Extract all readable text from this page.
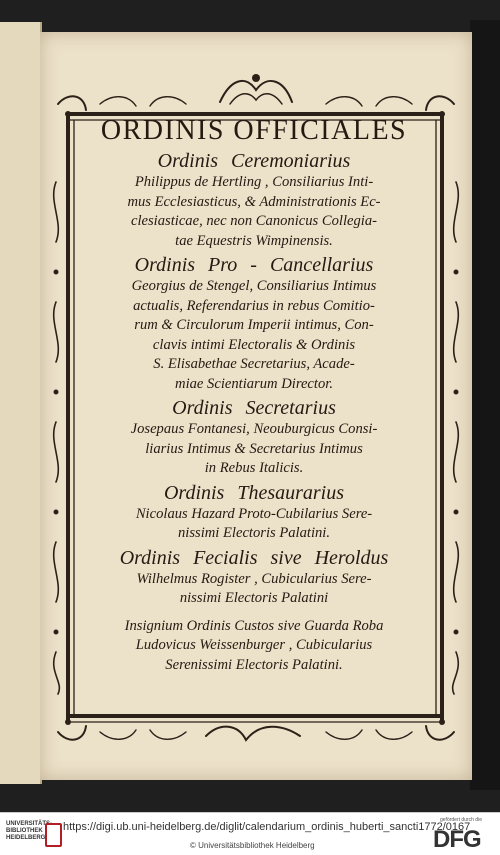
ORDINIS OFFICIALES
Ordinis Ceremoniarius
Philippus de Hertling , Consiliarius Inti-
mus Ecclesiasticus, & Administrationis Ec-
clesiasticae, nec non Canonicus Collegia-
tae Equestris Wimpinensis.
Ordinis Pro - Cancellarius
Georgius de Stengel, Consiliarius Intimus
actualis, Referendarius in rebus Comitio-
rum & Circulorum Imperii intimus, Con-
clavis intimi Electoralis & Ordinis
S. Elisabethae Secretarius, Acade-
miae Scientiarum Director.
Ordinis Secretarius
Josepaus Fontanesi, Neouburgicus Consi-
liarius Intimus & Secretarius Intimus
in Rebus Italicis.
Ordinis Thesaurarius
Nicolaus Hazard Proto-Cubilarius Sere-
nissimi Electoris Palatini.
Ordinis Fecialis sive Heroldus
Wilhelmus Rogister , Cubicularius Sere-
nissimi Electoris Palatini
Insignium Ordinis Custos sive Guarda Roba
Ludovicus Weissenburger , Cubicularius
Serenissimi Electoris Palatini.
UNIVERSITÄTS-
BIBLIOTHEK
HEIDELBERG
https://digi.ub.uni-heidelberg.de/diglit/calendarium_ordinis_huberti_sancti1772/0167
© Universitätsbibliothek Heidelberg
gefördert durch die
DFG
